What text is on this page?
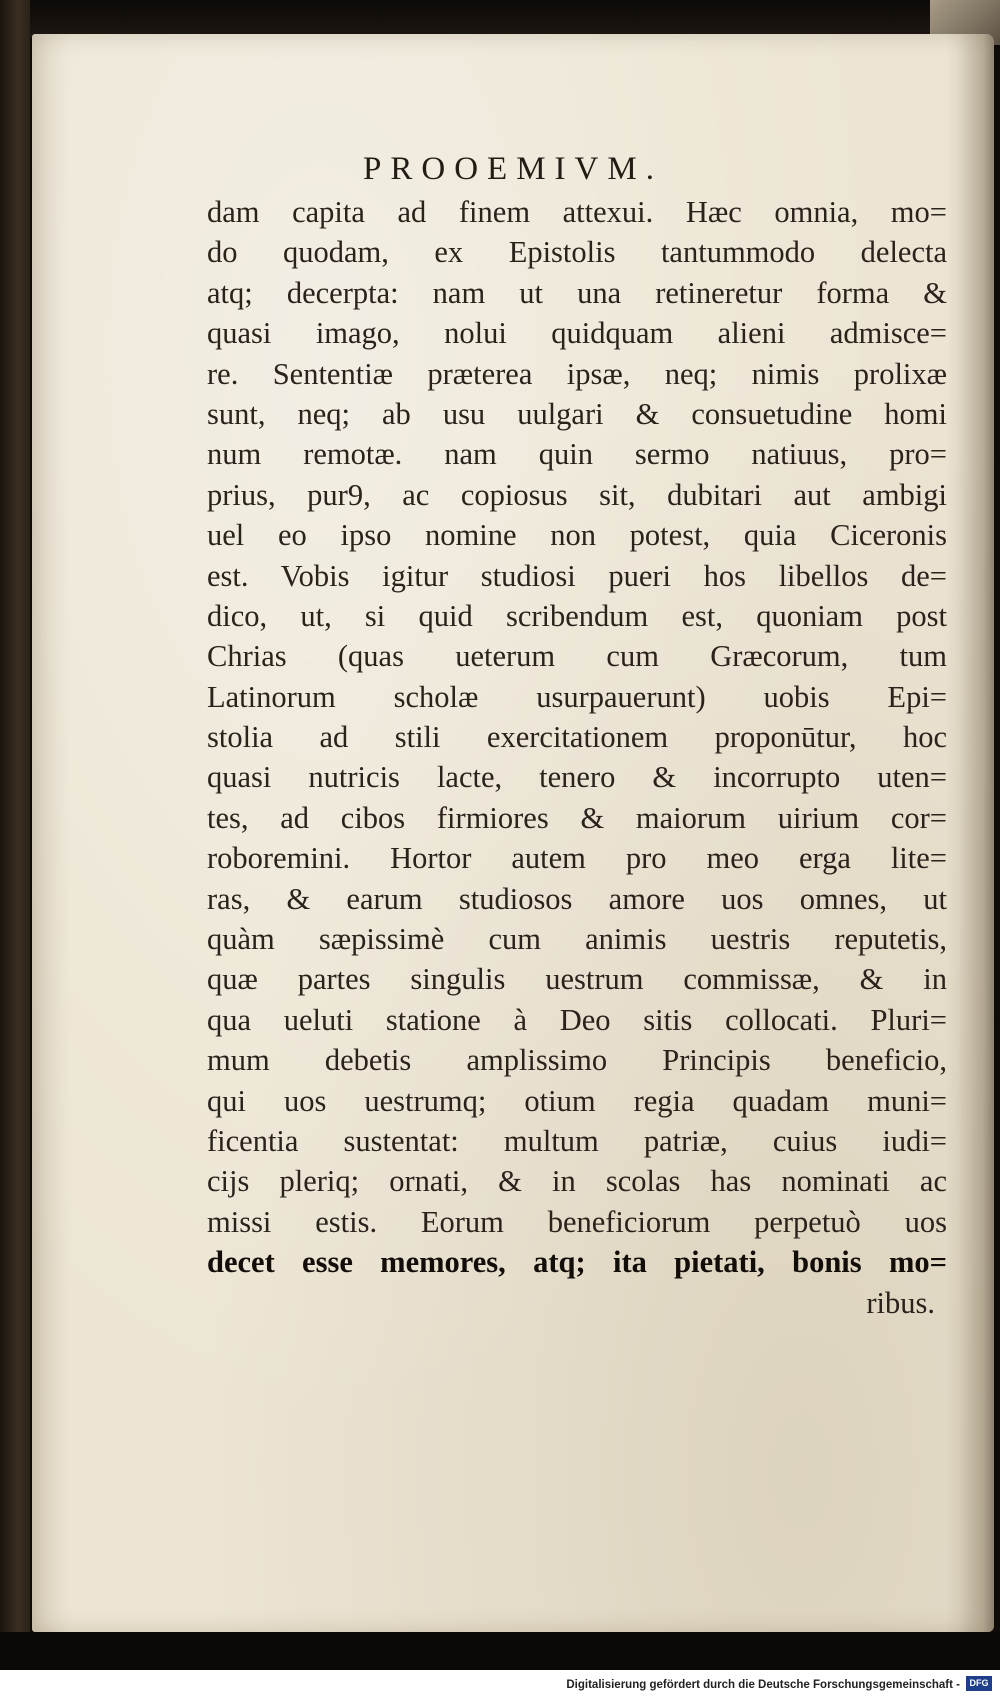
PROOEMIVM.
dam capita ad finem attexui. Hæc omnia, mo=
do quodam, ex Epistolis tantummodo delecta
atq; decerpta: nam ut una retineretur forma &
quasi imago, nolui quidquam alieni admisce=
re. Sententiæ præterea ipsæ, neq; nimis prolixæ
sunt, neq; ab usu uulgari & consuetudine homi
num remotæ. nam quin sermo natiuus, pro=
prius, pur9, ac copiosus sit, dubitari aut ambigi
uel eo ipso nomine non potest, quia Ciceronis
est. Vobis igitur studiosi pueri hos libellos de=
dico, ut, si quid scribendum est, quoniam post
Chrias (quas ueterum cum Græcorum, tum
Latinorum scholæ usurpauerunt) uobis Epi=
stolia ad stili exercitationem proponūtur, hoc
quasi nutricis lacte, tenero & incorrupto uten=
tes, ad cibos firmiores & maiorum uirium cor=
roboremini. Hortor autem pro meo erga lite=
ras, & earum studiosos amore uos omnes, ut
quàm sæpissimè cum animis uestris reputetis,
quæ partes singulis uestrum commissæ, & in
qua ueluti statione à Deo sitis collocati. Pluri=
mum debetis amplissimo Principis beneficio,
qui uos uestrumq; otium regia quadam muni=
ficentia sustentat: multum patriæ, cuius iudi=
cijs pleriq; ornati, & in scolas has nominati ac
missi estis. Eorum beneficiorum perpetuò uos
decet esse memores, atq; ita pietati, bonis mo=
ribus.
Digitalisierung gefördert durch die Deutsche Forschungsgemeinschaft -	DFG
